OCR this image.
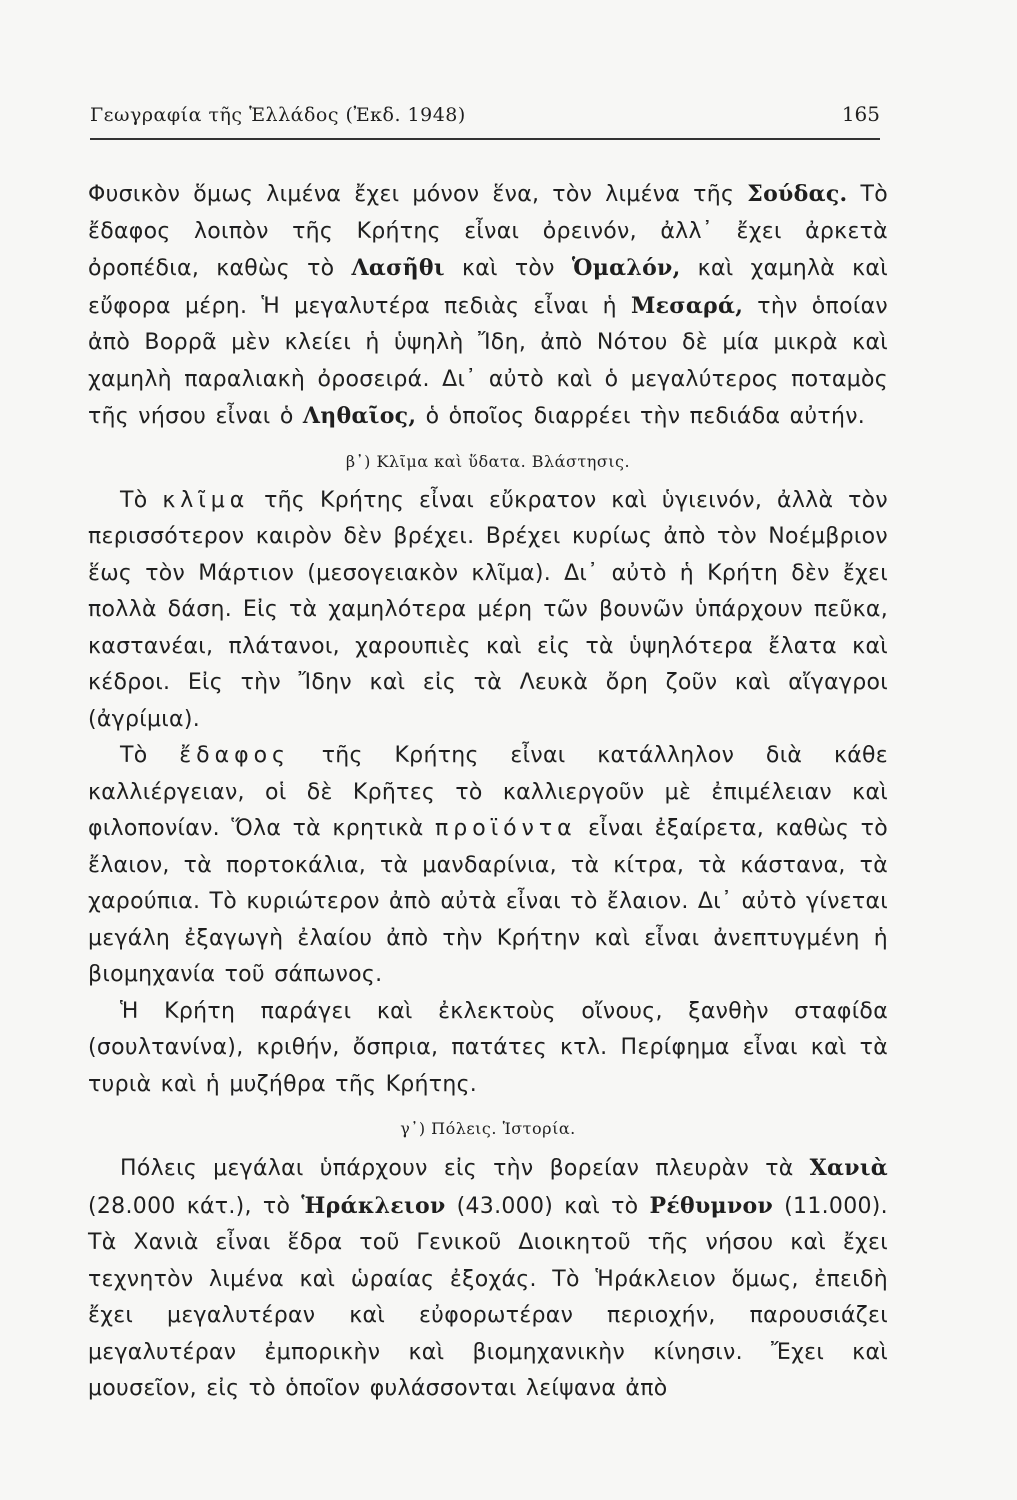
Γεωγραφία τῆς Ἑλλάδος (Ἐκδ. 1948)	165

Φυσικὸν ὅμως λιμένα ἔχει μόνον ἕνα, τὸν λιμένα τῆς Σούδας. Τὸ ἔδαφος λοιπὸν τῆς Κρήτης εἶναι ὀρεινόν, ἀλλ᾽ ἔχει ἀρκετὰ ὀροπέδια, καθὼς τὸ Λασῆθι καὶ τὸν Ὁμαλόν, καὶ χαμηλὰ καὶ εὔφορα μέρη. Ἡ μεγαλυτέρα πεδιὰς εἶναι ἡ Μεσαρά, τὴν ὁποίαν ἀπὸ Βορρᾶ μὲν κλείει ἡ ὑψηλὴ Ἴδη, ἀπὸ Νότου δὲ μία μικρὰ καὶ χαμηλὴ παραλιακὴ ὀροσειρά. Δι᾽ αὐτὸ καὶ ὁ μεγαλύτερος ποταμὸς τῆς νήσου εἶναι ὁ Ληθαῖος, ὁ ὁποῖος διαρρέει τὴν πεδιάδα αὐτήν.

β᾽) Κλῖμα καὶ ὕδατα. Βλάστησις.

Τὸ κλῖμα τῆς Κρήτης εἶναι εὔκρατον καὶ ὑγιεινόν, ἀλλὰ τὸν περισσότερον καιρὸν δὲν βρέχει. Βρέχει κυρίως ἀπὸ τὸν Νοέμβριον ἕως τὸν Μάρτιον (μεσογειακὸν κλῖμα). Δι᾽ αὐτὸ ἡ Κρήτη δὲν ἔχει πολλὰ δάση. Εἰς τὰ χαμηλότερα μέρη τῶν βουνῶν ὑπάρχουν πεῦκα, καστανέαι, πλάτανοι, χαρουπιὲς καὶ εἰς τὰ ὑψηλότερα ἔλατα καὶ κέδροι. Εἰς τὴν Ἴδην καὶ εἰς τὰ Λευκὰ ὄρη ζοῦν καὶ αἴγαγροι (ἀγρίμια).

Τὸ ἔδαφος τῆς Κρήτης εἶναι κατάλληλον διὰ κάθε καλλιέργειαν, οἱ δὲ Κρῆτες τὸ καλλιεργοῦν μὲ ἐπιμέλειαν καὶ φιλοπονίαν. Ὅλα τὰ κρητικὰ προϊόντα εἶναι ἐξαίρετα, καθὼς τὸ ἔλαιον, τὰ πορτοκάλια, τὰ μανδαρίνια, τὰ κίτρα, τὰ κάστανα, τὰ χαρούπια. Τὸ κυριώτερον ἀπὸ αὐτὰ εἶναι τὸ ἔλαιον. Δι᾽ αὐτὸ γίνεται μεγάλη ἐξαγωγὴ ἐλαίου ἀπὸ τὴν Κρήτην καὶ εἶναι ἀνεπτυγμένη ἡ βιομηχανία τοῦ σάπωνος.

Ἡ Κρήτη παράγει καὶ ἐκλεκτοὺς οἴνους, ξανθὴν σταφίδα (σουλτανίνα), κριθήν, ὄσπρια, πατάτες κτλ. Περίφημα εἶναι καὶ τὰ τυριὰ καὶ ἡ μυζήθρα τῆς Κρήτης.

γ᾽) Πόλεις. Ἱστορία.

Πόλεις μεγάλαι ὑπάρχουν εἰς τὴν βορείαν πλευρὰν τὰ Χανιὰ (28.000 κάτ.), τὸ Ἡράκλειον (43.000) καὶ τὸ Ρέθυμνον (11.000). Τὰ Χανιὰ εἶναι ἕδρα τοῦ Γενικοῦ Διοικητοῦ τῆς νήσου καὶ ἔχει τεχνητὸν λιμένα καὶ ὡραίας ἐξοχάς. Τὸ Ἡράκλειον ὅμως, ἐπειδὴ ἔχει μεγαλυτέραν καὶ εὐφορωτέραν περιοχήν, παρουσιάζει μεγαλυτέραν ἐμπορικὴν καὶ βιομηχανικὴν κίνησιν. Ἔχει καὶ μουσεῖον, εἰς τὸ ὁποῖον φυλάσσονται λείψανα ἀπὸ
